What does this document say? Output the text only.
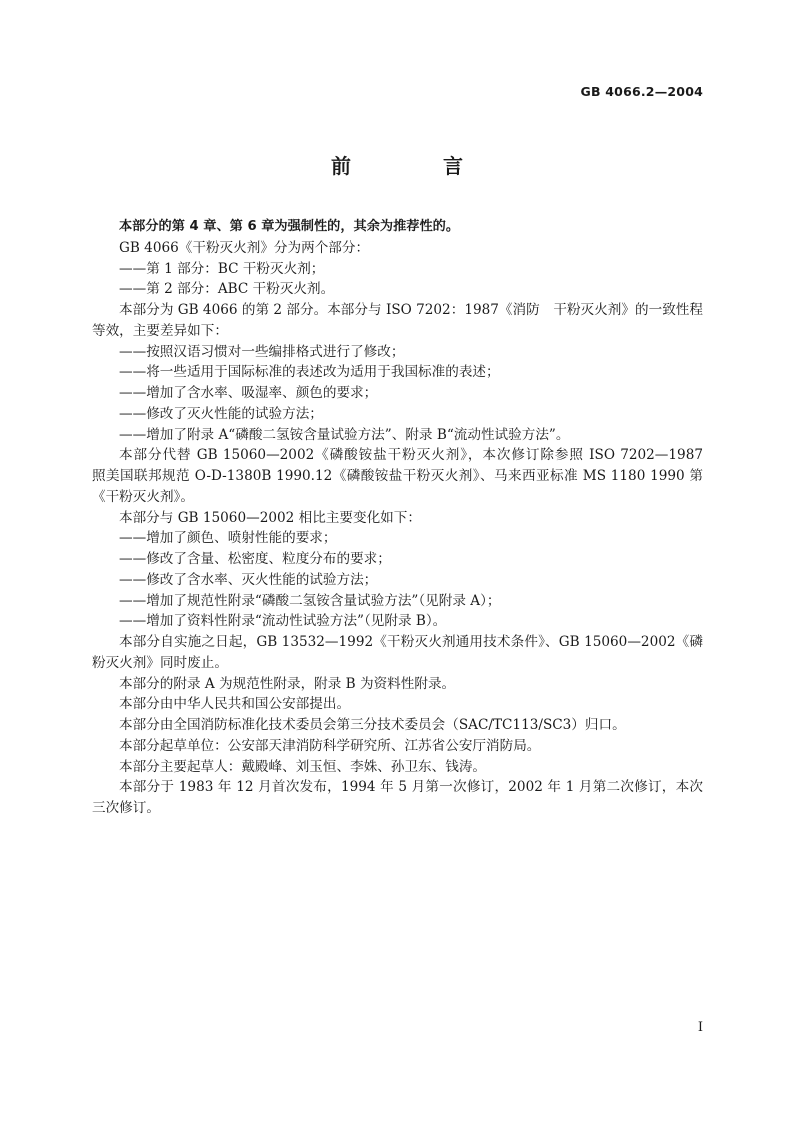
GB 4066.2—2004
前　言
本部分的第 4 章、第 6 章为强制性的，其余为推荐性的。
GB 4066《干粉灭火剂》分为两个部分：
——第 1 部分：BC 干粉灭火剂；
——第 2 部分：ABC 干粉灭火剂。
本部分为 GB 4066 的第 2 部分。本部分与 ISO 7202：1987《消防　干粉灭火剂》的一致性程
等效，主要差异如下：
——按照汉语习惯对一些编排格式进行了修改；
——将一些适用于国际标准的表述改为适用于我国标准的表述；
——增加了含水率、吸湿率、颜色的要求；
——修改了灭火性能的试验方法；
——增加了附录 A“磷酸二氢铵含量试验方法”、附录 B“流动性试验方法”。
本部分代替 GB 15060—2002《磷酸铵盐干粉灭火剂》，本次修订除参照 ISO 7202—1987
照美国联邦规范 O-D-1380B 1990.12《磷酸铵盐干粉灭火剂》、马来西亚标准 MS 1180 1990 第
《干粉灭火剂》。
本部分与 GB 15060—2002 相比主要变化如下：
——增加了颜色、喷射性能的要求；
——修改了含量、松密度、粒度分布的要求；
——修改了含水率、灭火性能的试验方法；
——增加了规范性附录“磷酸二氢铵含量试验方法”（见附录 A）；
——增加了资料性附录“流动性试验方法”（见附录 B）。
本部分自实施之日起，GB 13532—1992《干粉灭火剂通用技术条件》、GB 15060—2002《磷
粉灭火剂》同时废止。
本部分的附录 A 为规范性附录，附录 B 为资料性附录。
本部分由中华人民共和国公安部提出。
本部分由全国消防标准化技术委员会第三分技术委员会（SAC/TC113/SC3）归口。
本部分起草单位：公安部天津消防科学研究所、江苏省公安厅消防局。
本部分主要起草人：戴殿峰、刘玉恒、李姝、孙卫东、钱涛。
本部分于 1983 年 12 月首次发布，1994 年 5 月第一次修订，2002 年 1 月第二次修订，本次
三次修订。
I
